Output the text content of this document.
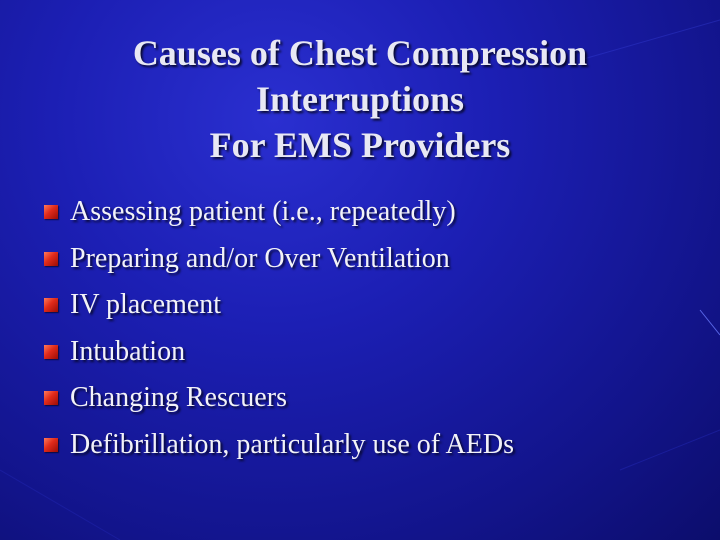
Causes of Chest Compression
Interruptions
For EMS Providers
Assessing patient (i.e., repeatedly)
Preparing and/or Over Ventilation
IV placement
Intubation
Changing Rescuers
Defibrillation, particularly use of AEDs
